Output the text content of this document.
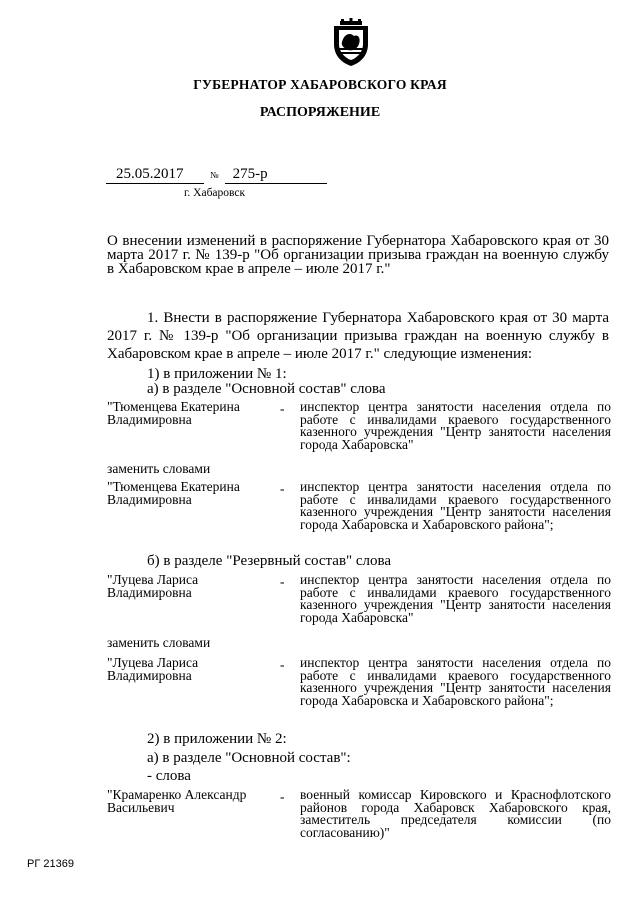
ГУБЕРНАТОР ХАБАРОВСКОГО КРАЯ
РАСПОРЯЖЕНИЕ
25.05.2017	№ 275-р
г. Хабаровск
О внесении изменений в распоряжение Губернатора Хабаровского края от 30 марта 2017 г. № 139-р "Об организации призыва граждан на военную службу в Хабаровском крае в апреле – июле 2017 г."
1. Внести в распоряжение Губернатора Хабаровского края от 30 марта 2017 г. № 139-р "Об организации призыва граждан на военную службу в Хабаровском крае в апреле – июле 2017 г." следующие изменения:
1) в приложении № 1:
а) в разделе "Основной состав" слова
"Тюменцева Екатерина Владимировна
- инспектор центра занятости населения отдела по работе с инвалидами краевого государственного казенного учреждения "Центр занятости населения города Хабаровска"
заменить словами
"Тюменцева Екатерина Владимировна
- инспектор центра занятости населения отдела по работе с инвалидами краевого государственного казенного учреждения "Центр занятости населения города Хабаровска и Хабаровского района";
б) в разделе "Резервный состав" слова
"Луцева Лариса Владимировна
- инспектор центра занятости населения отдела по работе с инвалидами краевого государственного казенного учреждения "Центр занятости населения города Хабаровска"
заменить словами
"Луцева Лариса Владимировна
- инспектор центра занятости населения отдела по работе с инвалидами краевого государственного казенного учреждения "Центр занятости населения города Хабаровска и Хабаровского района";
2) в приложении № 2:
а) в разделе "Основной состав":
- слова
"Крамаренко Александр Васильевич
- военный комиссар Кировского и Краснофлотского районов города Хабаровск Хабаровского края, заместитель председателя комиссии (по согласованию)"
РГ 21369
